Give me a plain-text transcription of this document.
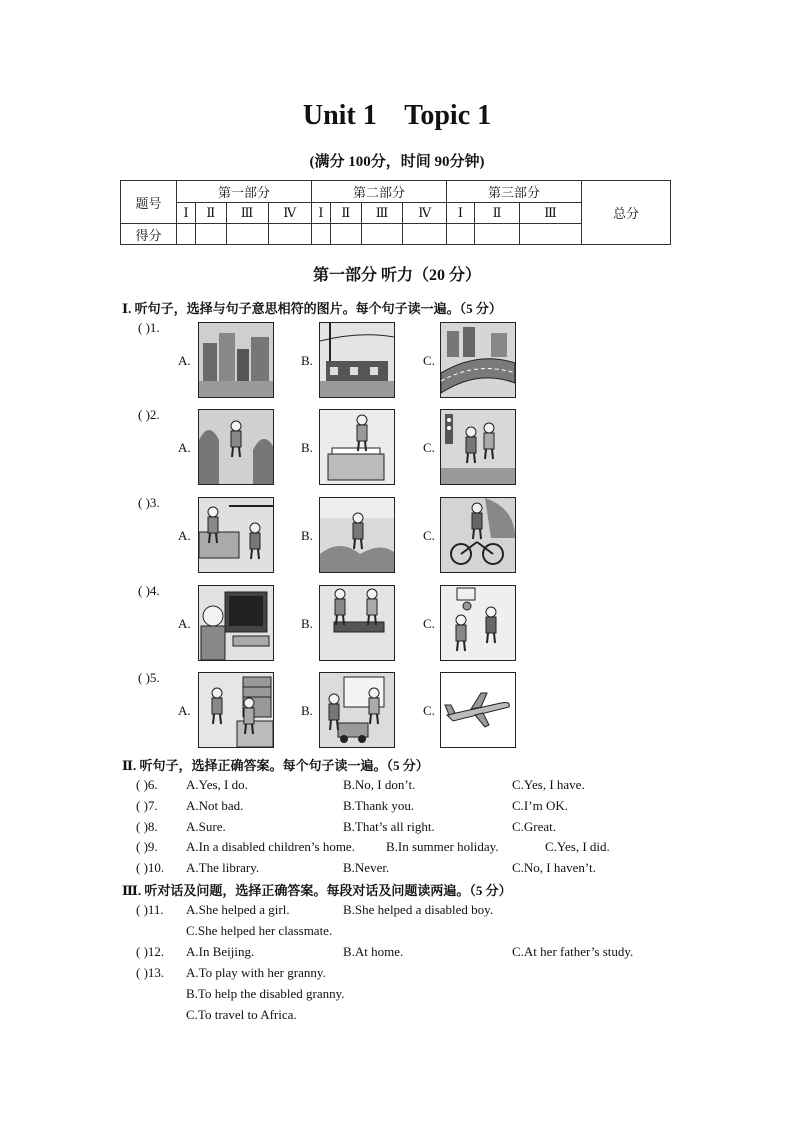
Unit 1    Topic 1
(满分 100分，时间 90分钟)
题号	第一部分				第二部分				第三部分			总分
	Ⅰ	Ⅱ	Ⅲ	Ⅳ	Ⅰ	Ⅱ	Ⅲ	Ⅳ	Ⅰ	Ⅱ	Ⅲ	
得分												
第一部分 听力（20 分）
Ⅰ. 听句子，选择与句子意思相符的图片。每个句子读一遍。（5 分）
( )1.
A.	B.	C.
( )2.
A.	B.	C.
( )3.
A.	B.	C.
( )4.
A.	B.	C.
( )5.
A.	B.	C.
Ⅱ. 听句子，选择正确答案。每个句子读一遍。（5 分）
( )6. A.Yes, I do.	B.No, I don’t.	C.Yes, I have.
( )7. A.Not bad.	B.Thank you.	C.I’m OK.
( )8. A.Sure.	B.That’s all right.	C.Great.
( )9. A.In a disabled children’s home. B.In summer holiday.	C.Yes, I did.
( )10. A.The library.	B.Never.	C.No, I haven’t.
Ⅲ. 听对话及问题，选择正确答案。每段对话及问题读两遍。（5 分）
( )11. A.She helped a girl.	B.She helped a disabled boy.
C.She helped her classmate.
( )12. A.In Beijing.	B.At home.	C.At her father’s study.
( )13. A.To play with her granny.
B.To help the disabled granny.
C.To travel to Africa.
